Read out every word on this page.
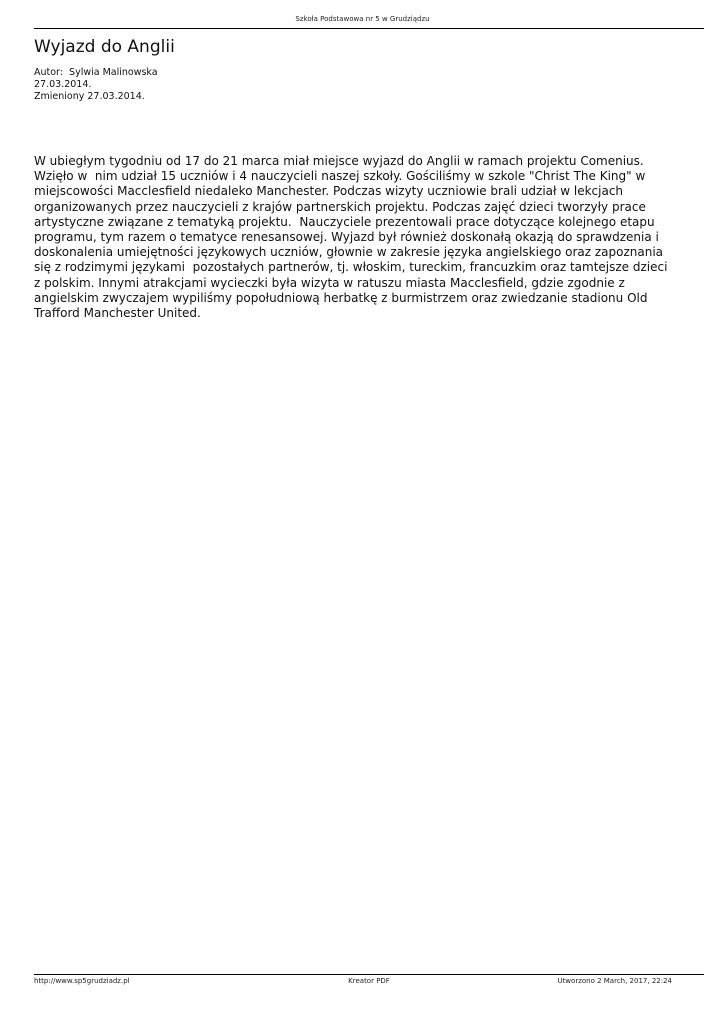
Szkoła Podstawowa nr 5 w Grudziądzu
Wyjazd do Anglii
Autor:  Sylwia Malinowska
27.03.2014.
Zmieniony 27.03.2014.
W ubiegłym tygodniu od 17 do 21 marca miał miejsce wyjazd do Anglii w ramach projektu Comenius.
Wzięło w  nim udział 15 uczniów i 4 nauczycieli naszej szkoły. Gościliśmy w szkole "Christ The King" w
miejscowości Macclesfield niedaleko Manchester. Podczas wizyty uczniowie brali udział w lekcjach
organizowanych przez nauczycieli z krajów partnerskich projektu. Podczas zajęć dzieci tworzyły prace
artystyczne związane z tematyką projektu.  Nauczyciele prezentowali prace dotyczące kolejnego etapu
programu, tym razem o tematyce renesansowej. Wyjazd był również doskonałą okazją do sprawdzenia i
doskonalenia umiejętności językowych uczniów, głownie w zakresie języka angielskiego oraz zapoznania
się z rodzimymi językami  pozostałych partnerów, tj. włoskim, tureckim, francuzkim oraz tamtejsze dzieci
z polskim. Innymi atrakcjami wycieczki była wizyta w ratuszu miasta Macclesfield, gdzie zgodnie z
angielskim zwyczajem wypiliśmy popołudniową herbatkę z burmistrzem oraz zwiedzanie stadionu Old
Trafford Manchester United.
http://www.sp5grudziadz.pl	Kreator PDF	Utworzono 2 March, 2017, 22:24
